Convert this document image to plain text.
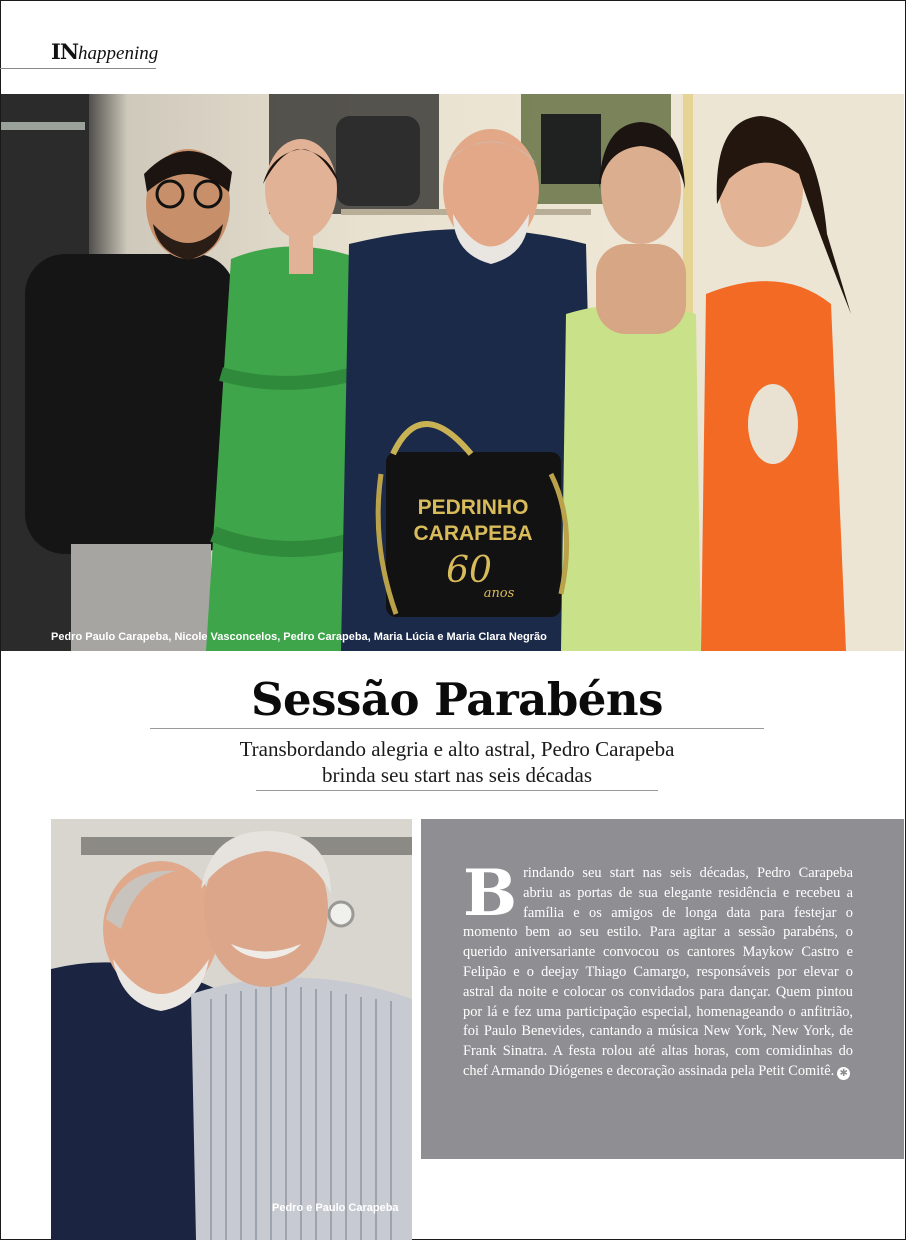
INhappening
PEDRINHO
CARAPEBA
60
anos
Pedro Paulo Carapeba, Nicole Vasconcelos, Pedro Carapeba, Maria Lúcia e Maria Clara Negrão
Sessão Parabéns
Transbordando alegria e alto astral, Pedro Carapeba
brinda seu start nas seis décadas
Pedro e Paulo Carapeba
Brindando seu start nas seis décadas, Pedro Carapeba abriu as portas de sua elegante residência e recebeu a família e os amigos de longa data para festejar o momento bem ao seu estilo. Para agitar a sessão parabéns, o querido aniversariante convocou os cantores Maykow Castro e Felipão e o deejay Thiago Camargo, responsáveis por elevar o astral da noite e colocar os convidados para dançar. Quem pintou por lá e fez uma participação especial, homenageando o anfitrião, foi Paulo Benevides, cantando a música New York, New York, de Frank Sinatra. A festa rolou até altas horas, com comidinhas do chef Armando Diógenes e decoração assinada pela Petit Comitê. ✱
